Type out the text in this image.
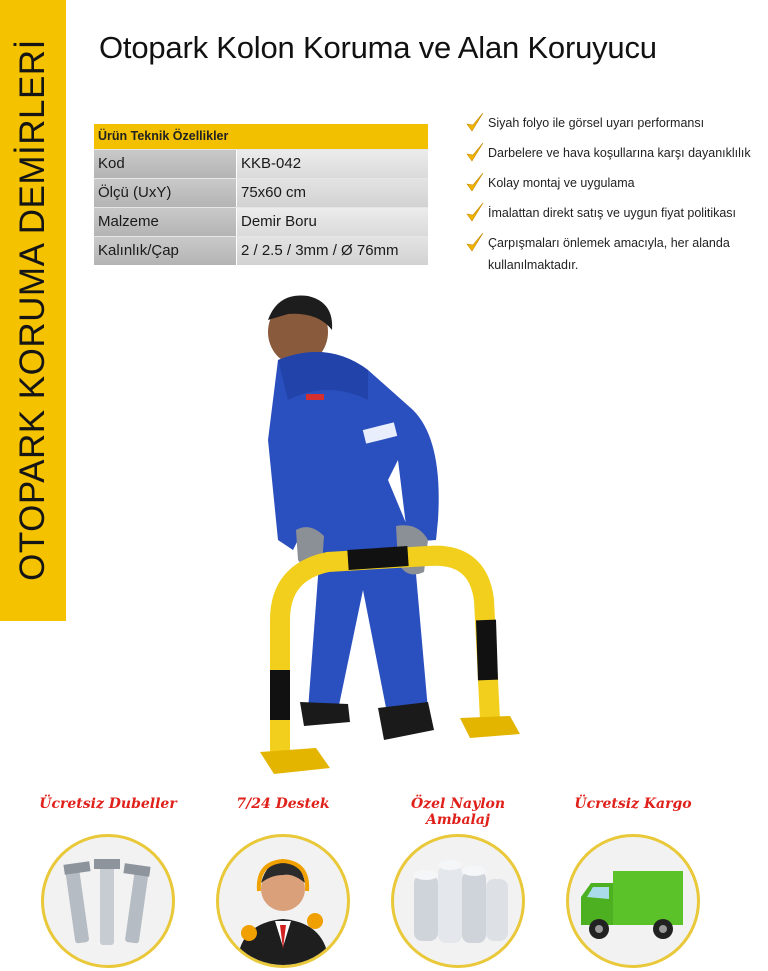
OTOPARK KORUMA DEMİRLERİ Otopark Kolon Koruma ve Alan Koruyucu
Ürün Teknik Özellikler
Kod	KKB-042
Ölçü (UxY)	75x60 cm
Malzeme	Demir Boru
Kalınlık/Çap	2 / 2.5 / 3mm / Ø 76mm
Siyah folyo ile görsel uyarı performansı
Darbelere ve hava koşullarına karşı dayanıklılık
Kolay montaj ve uygulama
İmalattan direkt satış ve uygun fiyat politikası
Çarpışmaları önlemek amacıyla, her alanda kullanılmaktadır.
Ücretsiz Dubeller	7/24 Destek	Özel Naylon Ambalaj
Ücretsiz Kargo
